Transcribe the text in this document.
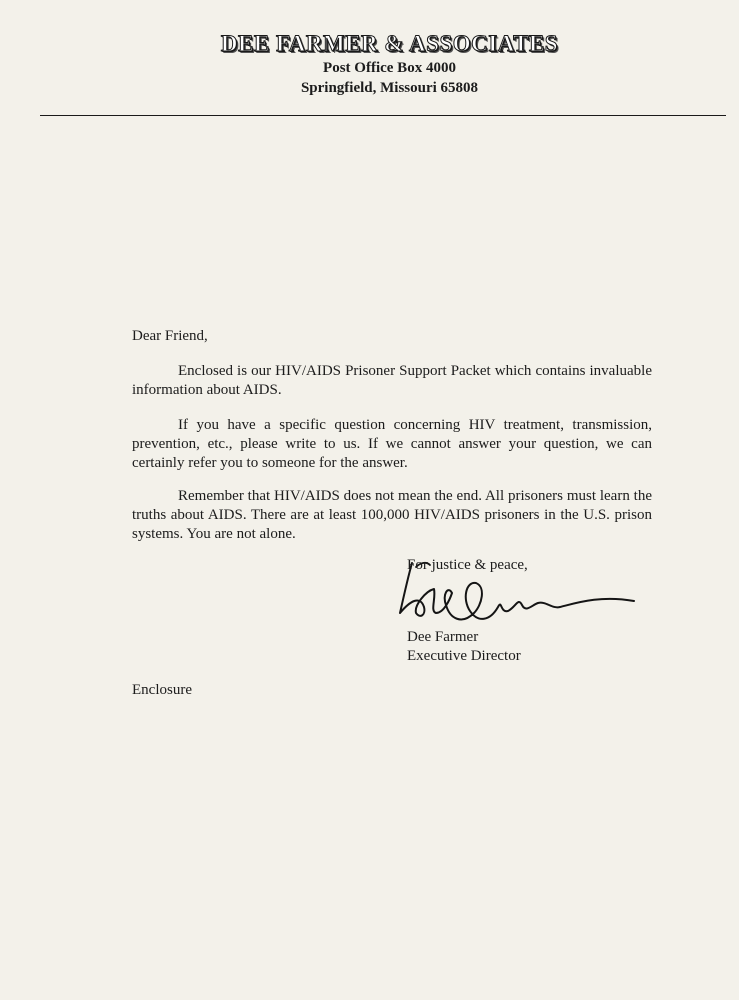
DEE FARMER & ASSOCIATES
Post Office Box 4000
Springfield, Missouri 65808
Dear Friend,
Enclosed is our HIV/AIDS Prisoner Support Packet which contains invaluable information about AIDS.
If you have a specific question concerning HIV treatment, transmission, prevention, etc., please write to us. If we cannot answer your question, we can certainly refer you to someone for the answer.
Remember that HIV/AIDS does not mean the end. All prisoners must learn the truths about AIDS. There are at least 100,000 HIV/AIDS prisoners in the U.S. prison systems. You are not alone.
For justice & peace,
Dee Farmer
Executive Director
Enclosure
